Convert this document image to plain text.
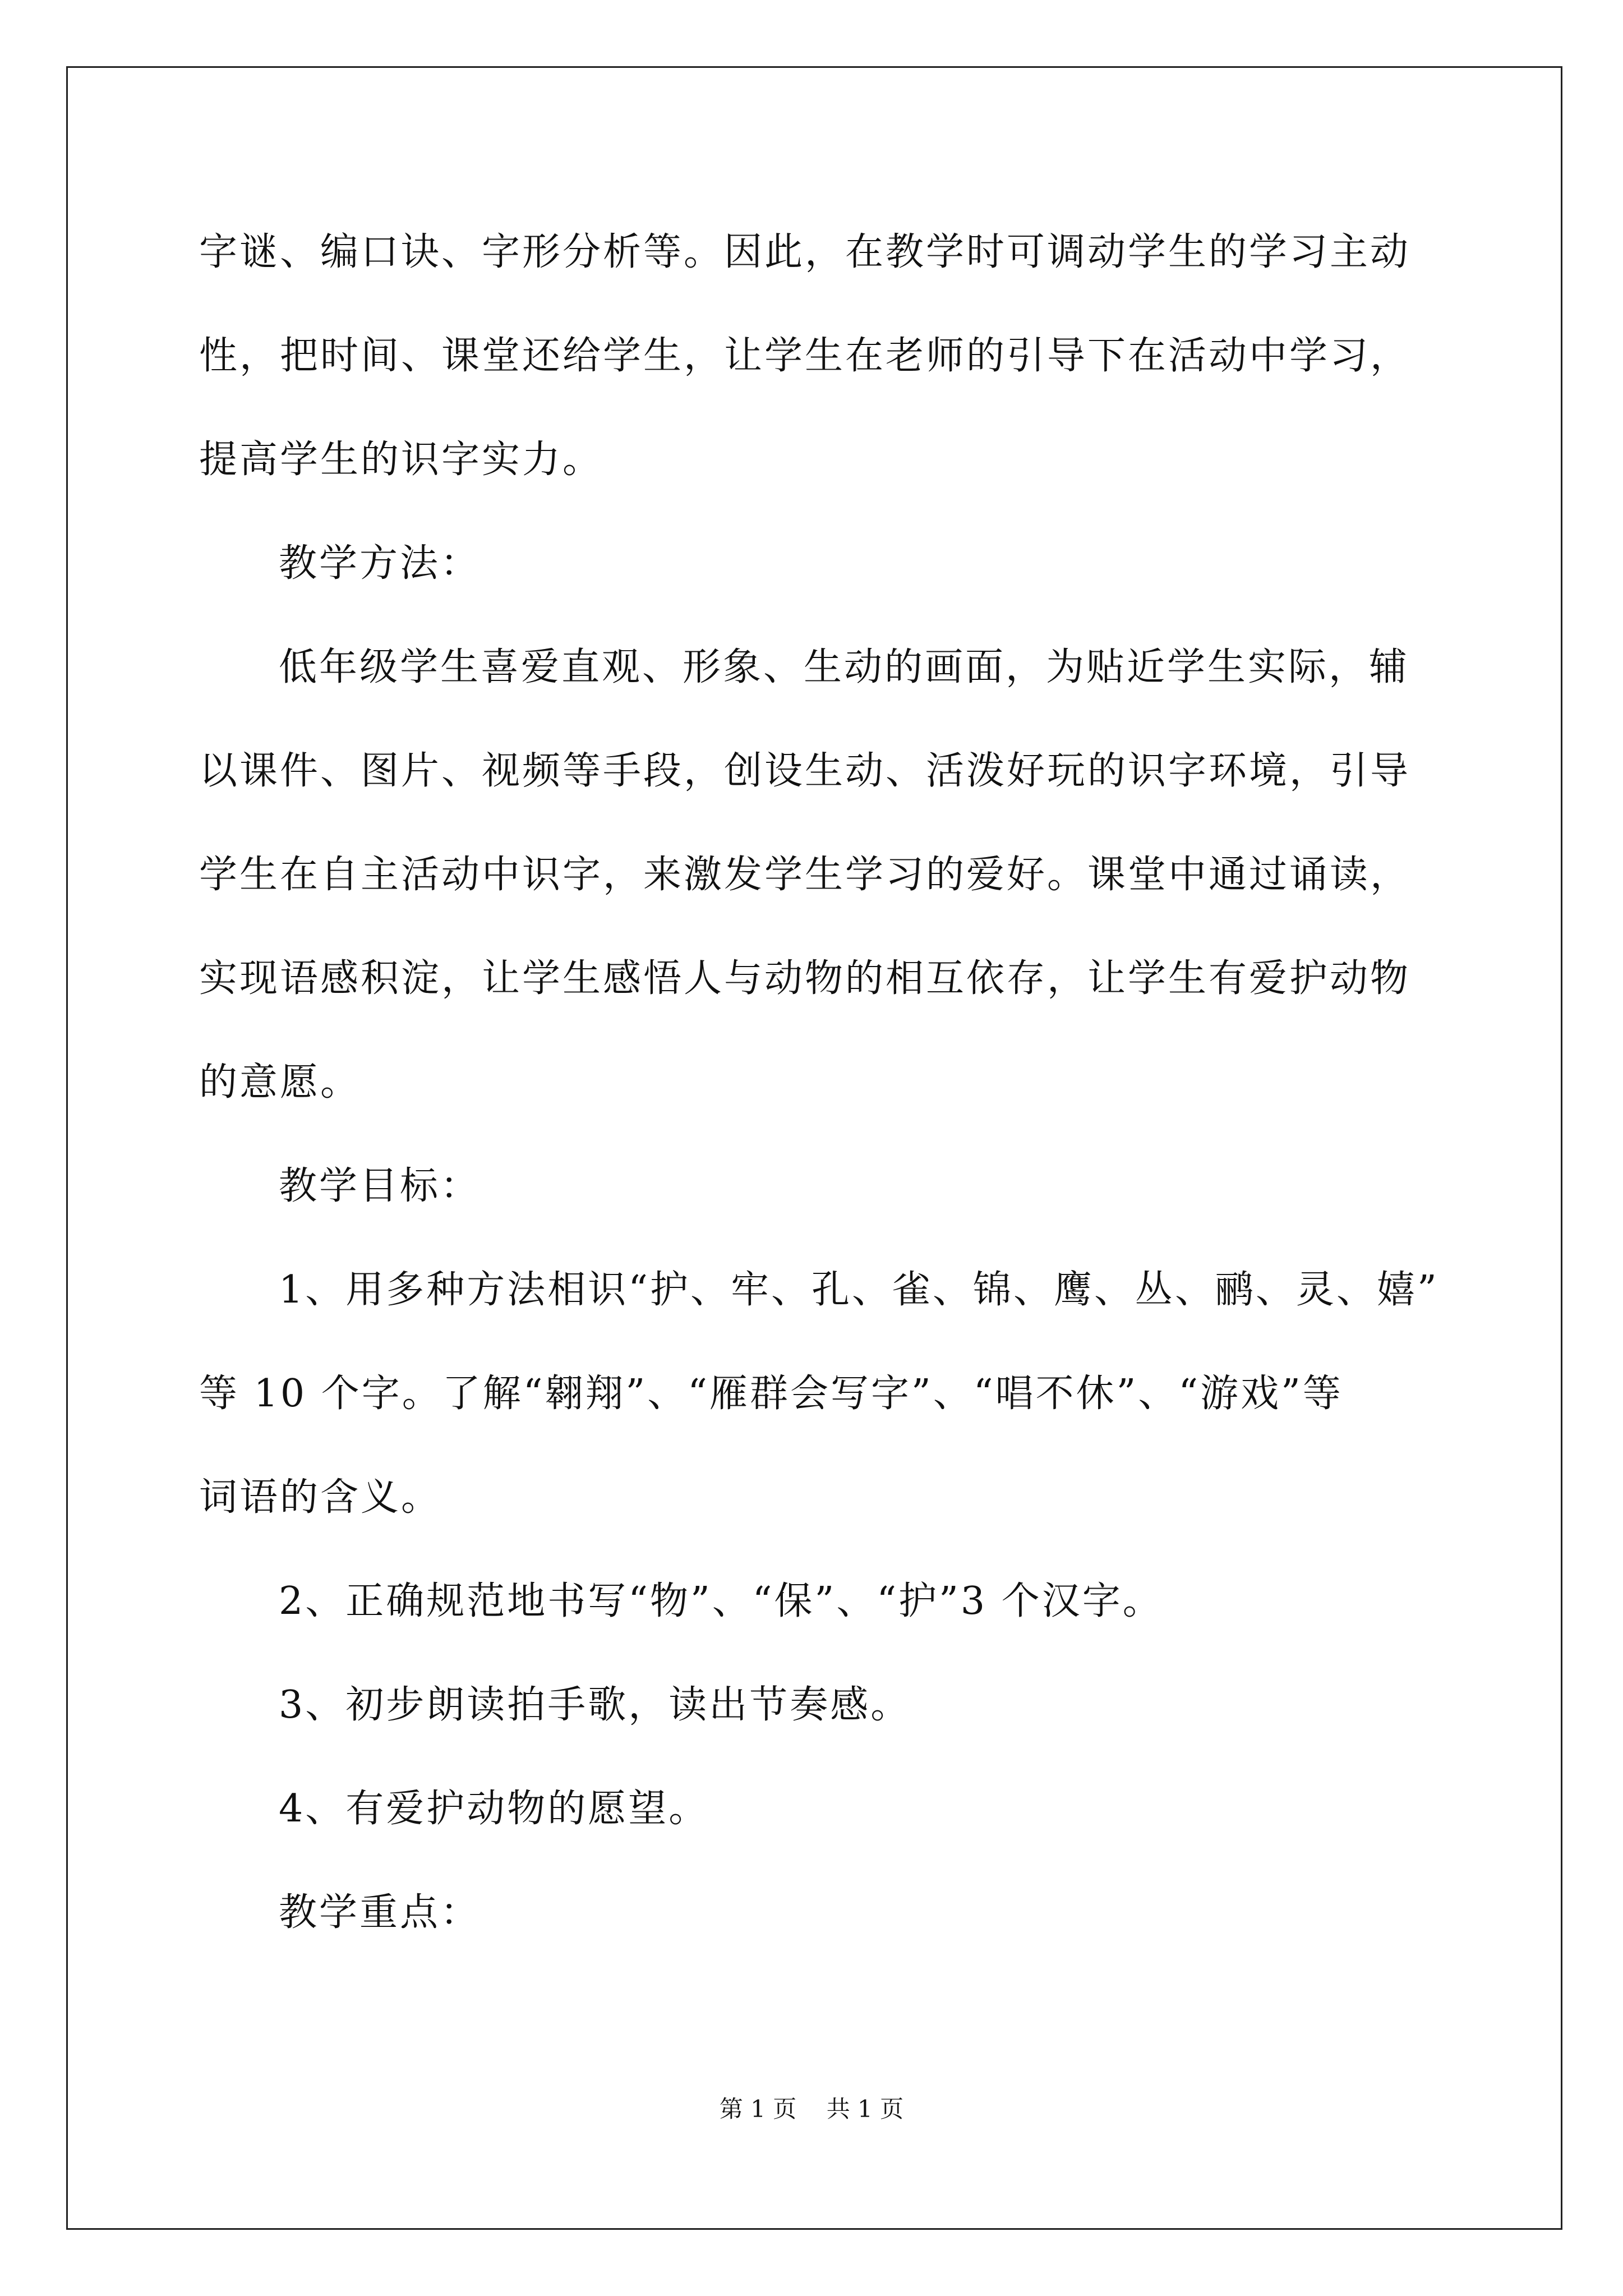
字谜、编口诀、字形分析等。因此，在教学时可调动学生的学习主动
性，把时间、课堂还给学生，让学生在老师的引导下在活动中学习，
提高学生的识字实力。
教学方法：
低年级学生喜爱直观、形象、生动的画面，为贴近学生实际，辅
以课件、图片、视频等手段，创设生动、活泼好玩的识字环境，引导
学生在自主活动中识字，来激发学生学习的爱好。课堂中通过诵读，
实现语感积淀，让学生感悟人与动物的相互依存，让学生有爱护动物
的意愿。
教学目标：
1、用多种方法相识“护、牢、孔、雀、锦、鹰、丛、鹂、灵、嬉”
等 10 个字。了解“翱翔”、“雁群会写字”、“唱不休”、“游戏”等
词语的含义。
2、正确规范地书写“物”、“保”、“护”3 个汉字。
3、初步朗读拍手歌，读出节奏感。
4、有爱护动物的愿望。
教学重点：
第 1 页    共 1 页
